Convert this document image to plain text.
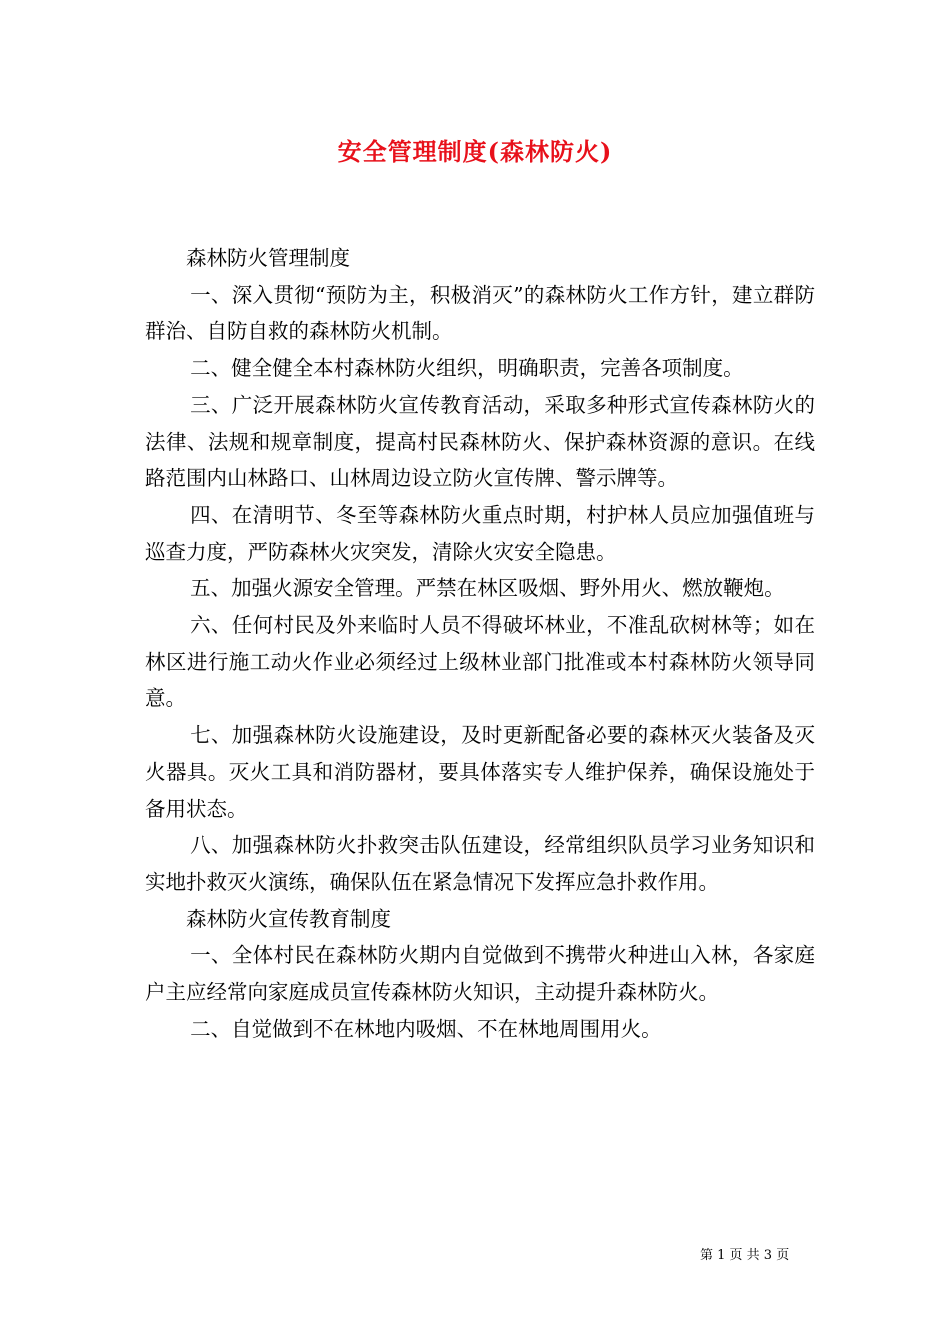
安全管理制度(森林防火)

森林防火管理制度

一、深入贯彻“预防为主，积极消灭”的森林防火工作方针，建立群防群治、自防自救的森林防火机制。

二、健全健全本村森林防火组织，明确职责，完善各项制度。

三、广泛开展森林防火宣传教育活动，采取多种形式宣传森林防火的法律、法规和规章制度，提高村民森林防火、保护森林资源的意识。在线路范围内山林路口、山林周边设立防火宣传牌、警示牌等。

四、在清明节、冬至等森林防火重点时期，村护林人员应加强值班与巡查力度，严防森林火灾突发，清除火灾安全隐患。

五、加强火源安全管理。严禁在林区吸烟、野外用火、燃放鞭炮。

六、任何村民及外来临时人员不得破坏林业，不准乱砍树林等；如在林区进行施工动火作业必须经过上级林业部门批准或本村森林防火领导同意。

七、加强森林防火设施建设，及时更新配备必要的森林灭火装备及灭火器具。灭火工具和消防器材，要具体落实专人维护保养，确保设施处于备用状态。

八、加强森林防火扑救突击队伍建设，经常组织队员学习业务知识和实地扑救灭火演练，确保队伍在紧急情况下发挥应急扑救作用。

森林防火宣传教育制度

一、全体村民在森林防火期内自觉做到不携带火种进山入林，各家庭户主应经常向家庭成员宣传森林防火知识，主动提升森林防火。

二、自觉做到不在林地内吸烟、不在林地周围用火。

第 1 页 共 3 页
